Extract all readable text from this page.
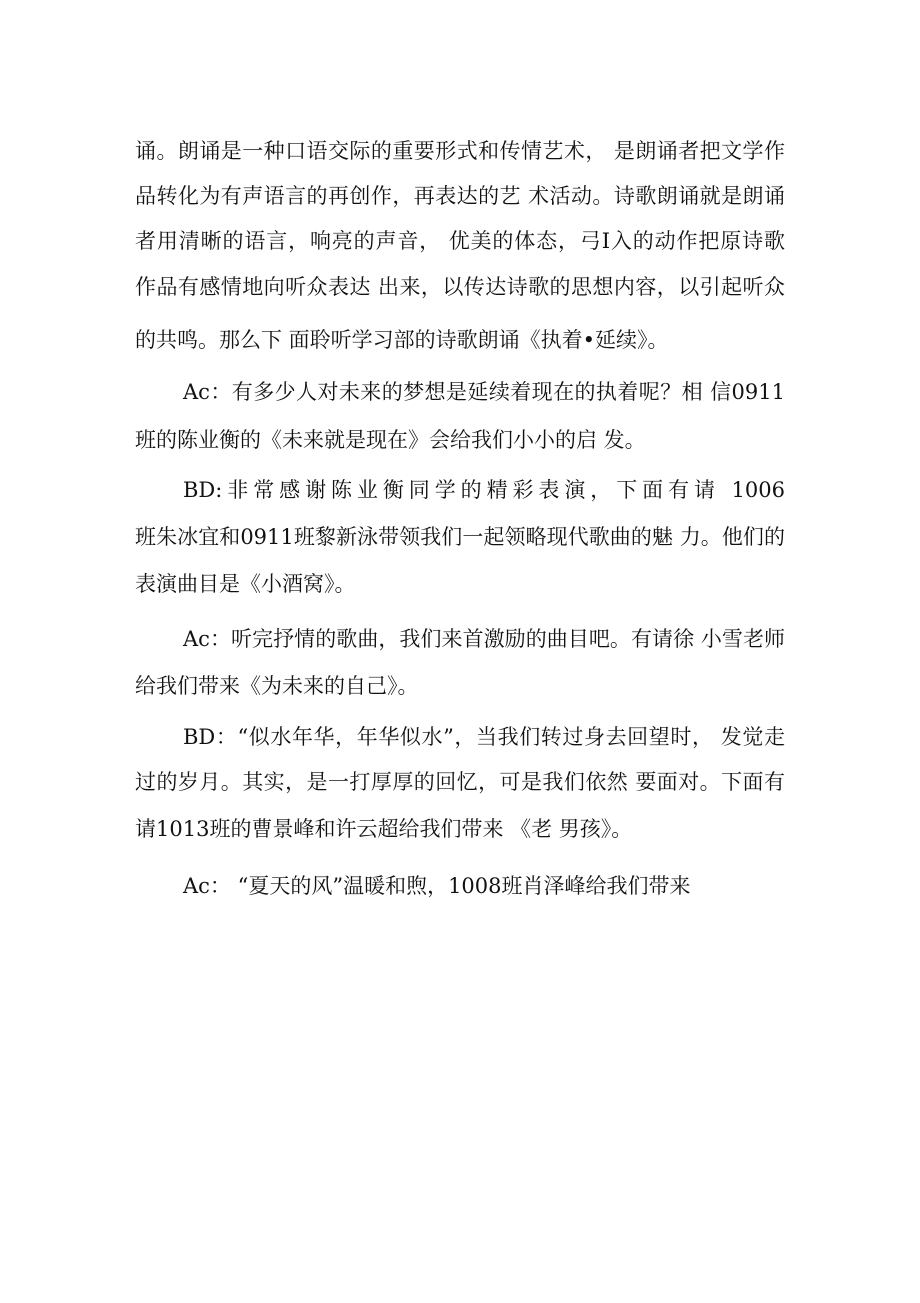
诵。朗诵是一种口语交际的重要形式和传情艺术， 是朗诵者把文学作
品转化为有声语言的再创作，再表达的艺 术活动。诗歌朗诵就是朗诵
者用清晰的语言，响亮的声音， 优美的体态，弓I入的动作把原诗歌
作品有感情地向听众表达 出来，以传达诗歌的思想内容，以引起听众
的共鸣。那么下 面聆听学习部的诗歌朗诵《执着•延续》。
Ac：有多少人对未来的梦想是延续着现在的执着呢？相 信0911
班的陈业衡的《未来就是现在》会给我们小小的启 发。
BD:非常感谢陈业衡同学的精彩表演，下面有请 1006
班朱冰宜和0911班黎新泳带领我们一起领略现代歌曲的魅 力。他们的
表演曲目是《小酒窝》。
Ac：听完抒情的歌曲，我们来首激励的曲目吧。有请徐 小雪老师
给我们带来《为未来的自己》。
BD：“似水年华，年华似水”，当我们转过身去回望时， 发觉走
过的岁月。其实，是一打厚厚的回忆，可是我们依然 要面对。下面有
请1013班的曹景峰和许云超给我们带来 《老 男孩》。
Ac： “夏天的风”温暖和煦，1008班肖泽峰给我们带来
